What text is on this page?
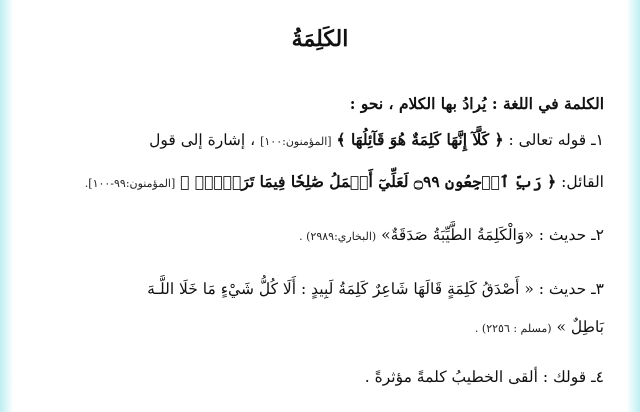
الكَلِمَةُ
الكلمة في اللغة : يُرادُ بها الكلام ، نحو :
١ـ قوله تعالى : ﴿ كَلَّآ إِنَّهَا كَلِمَةٌ هُوَ قَآئِلُهَا ﴾ [المؤمنون:١٠٠] ، إشارة إلى قول
القائل: ﴿ رَبِّ ٱرۡجِعُونِ ۝٩٩ لَعَلِّيٓ أَعۡمَلُ صَٰلِحٗا فِيمَا تَرَكۡتُۚ ﴾ [المؤمنون:٩٩-١٠٠].
٢ـ حديث : «وَالْكَلِمَةُ الطَّيِّبَةُ صَدَقَةٌ» (البخاري:٢٩٨٩) .
٣ـ حديث : « أَصْدَقُ كَلِمَةٍ قَالَهَا شَاعِرٌ كَلِمَةُ لَبِيدٍ : أَلَا كُلُّ شَيْءٍ مَا خَلَا اللَّـهَ
بَاطِلٌ » (مسلم : ٢٢٥٦) .
٤ـ قولك : ألقى الخطيبُ كلمةً مؤثرةً .
